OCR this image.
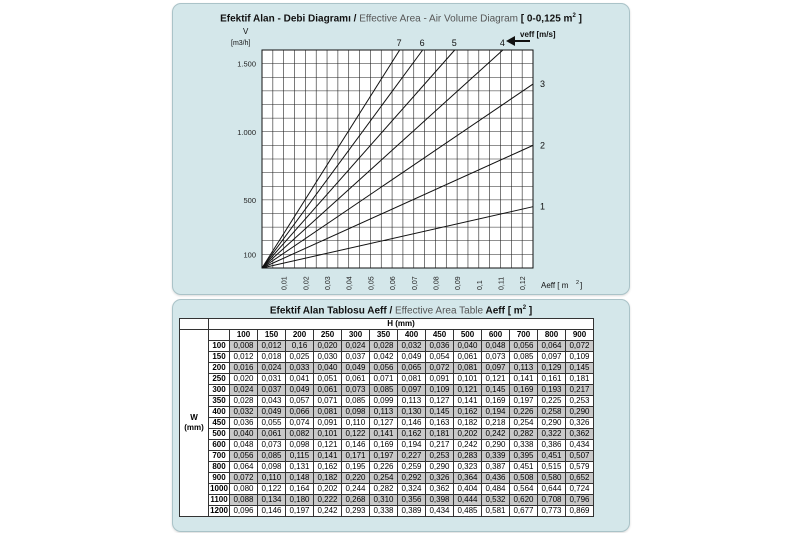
Efektif Alan - Debi Diagramı / Effective Area - Air Volume Diagram [ 0-0,125 $m^2$ ]
0,01 0,02 0,03 0,04 0,05 0,06 0,07 0,08 0,09 0,1 0,11 0,12
100
500
1.000
1.500
V
[m3/h]
Aeff [ m 2 ]
1
2
3
4
5
6
7
veff [m/s]
Efektif Alan Tablosu Aeff / Effective Area Table Aeff [ $m^2$ ]
	H (mm)													

W
(mm)		100	150	200	250	300	350	400	450	500	600	700	800	900
	100	0,008	0,012	0,16	0,020	0,024	0,028	0,032	0,036	0,040	0,048	0,056	0,064	0,072
	150	0,012	0,018	0,025	0,030	0,037	0,042	0,049	0,054	0,061	0,073	0,085	0,097	0,109
	200	0,016	0,024	0,033	0,040	0,049	0,056	0,065	0,072	0,081	0,097	0,113	0,129	0,145
	250	0,020	0,031	0,041	0,051	0,061	0,071	0,081	0,091	0,101	0,121	0,141	0,161	0,181
	300	0,024	0,037	0,049	0,061	0,073	0,085	0,097	0,109	0,121	0,145	0,169	0,193	0,217
	350	0,028	0,043	0,057	0,071	0,085	0,099	0,113	0,127	0,141	0,169	0,197	0,225	0,253
	400	0,032	0,049	0,066	0,081	0,098	0,113	0,130	0,145	0,162	0,194	0,226	0,258	0,290
	450	0,036	0,055	0,074	0,091	0,110	0,127	0,146	0,163	0,182	0,218	0,254	0,290	0,326
	500	0,040	0,061	0,082	0,101	0,122	0,141	0,162	0,181	0,202	0,242	0,282	0,322	0,362
	600	0,048	0,073	0,098	0,121	0,146	0,169	0,194	0,217	0,242	0,290	0,338	0,386	0,434
	700	0,056	0,085	0,115	0,141	0,171	0,197	0,227	0,253	0,283	0,339	0,395	0,451	0,507
	800	0,064	0,098	0,131	0,162	0,195	0,226	0,259	0,290	0,323	0,387	0,451	0,515	0,579
	900	0,072	0,110	0,148	0,182	0,220	0,254	0,292	0,326	0,364	0,436	0,508	0,580	0,652
	1000	0,080	0,122	0,164	0,202	0,244	0,282	0,324	0,362	0,404	0,484	0,564	0,644	0,724
	1100	0,088	0,134	0,180	0,222	0,268	0,310	0,356	0,398	0,444	0,532	0,620	0,708	0,796
	1200	0,096	0,146	0,197	0,242	0,293	0,338	0,389	0,434	0,485	0,581	0,677	0,773	0,869
